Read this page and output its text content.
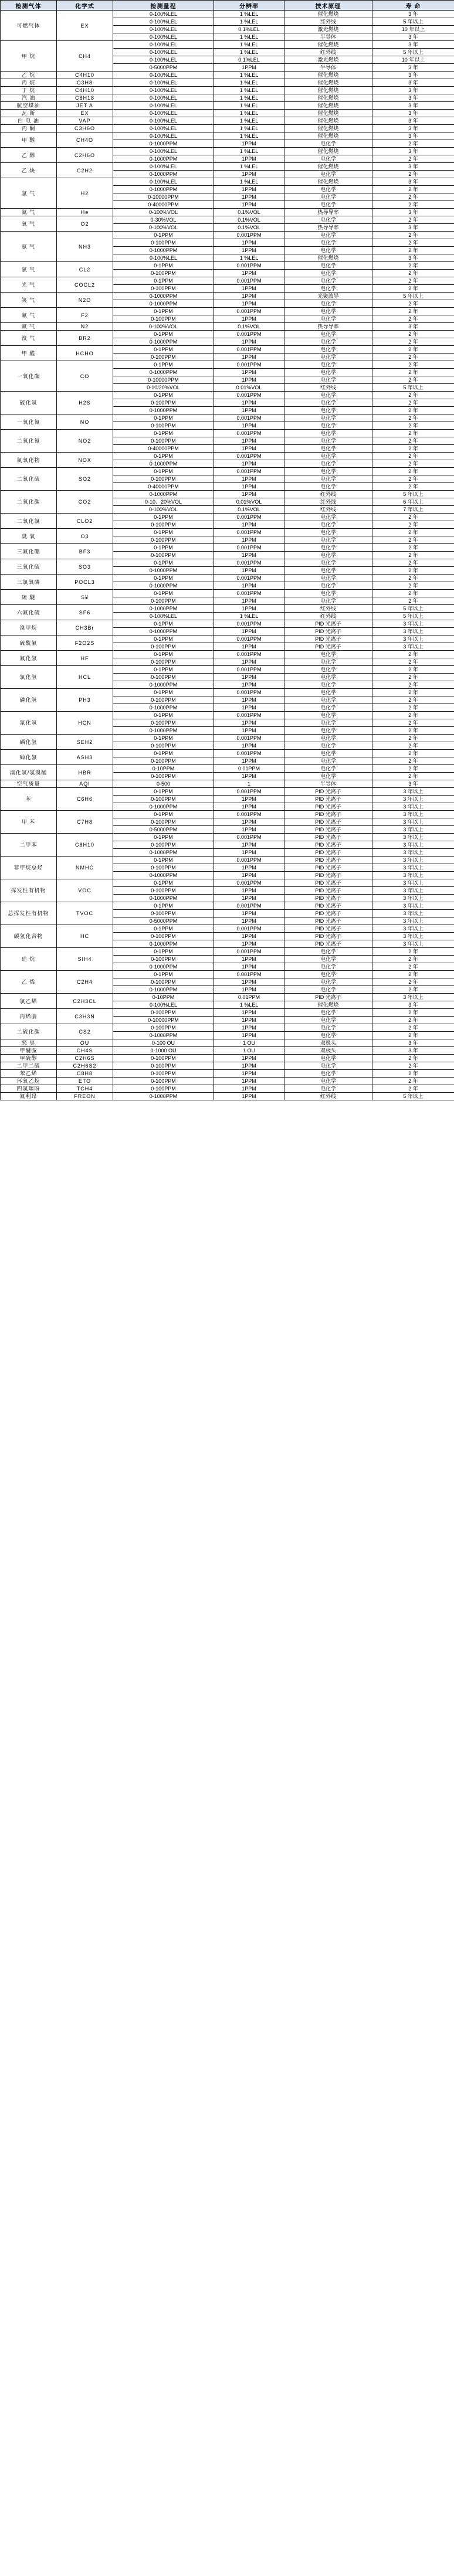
检测气体	化学式	检测量程	分辨率	技术原理	寿 命
可燃气体	EX	0-100%LEL	1 %LEL	催化燃烧	3 年
		0-100%LEL	1 %LEL	红外线	5 年以上
		0-100%LEL	0.1%LEL	激光燃烧	10 年以上
		0-100%LEL	1 %LEL	半导体	3 年
甲 烷	CH4	0-100%LEL	1 %LEL	催化燃烧	3 年
		0-100%LEL	1 %LEL	红外线	5 年以上
		0-100%LEL	0.1%LEL	激光燃烧	10 年以上
		0-5000PPM	1PPM	半导体	3 年
乙 烷	C4H10	0-100%LEL	1 %LEL	催化燃烧	3 年
丙 烷	C3H8	0-100%LEL	1 %LEL	催化燃烧	3 年
丁 烷	C4H10	0-100%LEL	1 %LEL	催化燃烧	3 年
汽 油	C8H18	0-100%LEL	1 %LEL	催化燃烧	3 年
航空煤油	JET A	0-100%LEL	1 %LEL	催化燃烧	3 年
瓦 斯	EX	0-100%LEL	1 %LEL	催化燃烧	3 年
白 电 油	VAP	0-100%LEL	1 %LEL	催化燃烧	3 年
丙 酮	C3H6O	0-100%LEL	1 %LEL	催化燃烧	3 年
甲 醇	CH4O	0-100%LEL	1 %LEL	催化燃烧	3 年
		0-1000PPM	1PPM	电化学	2 年
乙 醇	C2H6O	0-100%LEL	1 %LEL	催化燃烧	3 年
		0-1000PPM	1PPM	电化学	2 年
乙 炔	C2H2	0-100%LEL	1 %LEL	催化燃烧	3 年
		0-1000PPM	1PPM	电化学	2 年
氢 气	H2	0-100%LEL	1 %LEL	催化燃烧	3 年
		0-1000PPM	1PPM	电化学	2 年
		0-10000PPM	1PPM	电化学	2 年
		0-40000PPM	1PPM	电化学	2 年
氦 气	He	0-100%VOL	0.1%VOL	热导导率	3 年
氧 气	O2	0-30%VOL	0.1%VOL	电化学	2 年
		0-100%VOL	0.1%VOL	热导导率	3 年
氨 气	NH3	0-1PPM	0.001PPM	电化学	2 年
		0-100PPM	1PPM	电化学	2 年
		0-1000PPM	1PPM	电化学	2 年
		0-100%LEL	1 %LEL	催化燃烧	3 年
氯 气	CL2	0-1PPM	0.001PPM	电化学	2 年
		0-100PPM	1PPM	电化学	2 年
光 气	COCL2	0-1PPM	0.001PPM	电化学	2 年
		0-100PPM	1PPM	电化学	2 年
笑 气	N2O	0-1000PPM	1PPM	光聚波导	5 年以上
		0-1000PPM	1PPM	电化学	2 年
氟 气	F2	0-1PPM	0.001PPM	电化学	2 年
		0-100PPM	1PPM	电化学	2 年
氮 气	N2	0-100%VOL	0.1%VOL	热导导率	3 年
溴 气	BR2	0-1PPM	0.001PPM	电化学	2 年
		0-1000PPM	1PPM	电化学	2 年
甲 醛	HCHO	0-1PPM	0.001PPM	电化学	2 年
		0-100PPM	1PPM	电化学	2 年
一氧化碳	CO	0-1PPM	0.001PPM	电化学	2 年
		0-1000PPM	1PPM	电化学	2 年
		0-10000PPM	1PPM	电化学	2 年
		0-10/20%VOL	0.01%VOL	红外线	5 年以上
硫化氢	H2S	0-1PPM	0.001PPM	电化学	2 年
		0-100PPM	1PPM	电化学	2 年
		0-1000PPM	1PPM	电化学	2 年
一氧化氮	NO	0-1PPM	0.001PPM	电化学	2 年
		0-100PPM	1PPM	电化学	2 年
二氧化氮	NO2	0-1PPM	0.001PPM	电化学	2 年
		0-100PPM	1PPM	电化学	2 年
		0-40000PPM	1PPM	电化学	2 年
氮氧化物	NOX	0-1PPM	0.001PPM	电化学	2 年
		0-1000PPM	1PPM	电化学	2 年
二氧化硫	SO2	0-1PPM	0.001PPM	电化学	2 年
		0-100PPM	1PPM	电化学	2 年
		0-40000PPM	1PPM	电化学	2 年
二氧化碳	CO2	0-1000PPM	1PPM	红外线	5 年以上
		0-10、20%VOL	0.01%VOL	红外线	6 年以上
		0-100%VOL	0.1%VOL	红外线	7 年以上
二氧化氯	CLO2	0-1PPM	0.001PPM	电化学	2 年
		0-100PPM	1PPM	电化学	2 年
臭 氧	O3	0-1PPM	0.001PPM	电化学	2 年
		0-100PPM	1PPM	电化学	2 年
三氟化硼	BF3	0-1PPM	0.001PPM	电化学	2 年
		0-100PPM	1PPM	电化学	2 年
三氧化硫	SO3	0-1PPM	0.001PPM	电化学	2 年
		0-1000PPM	1PPM	电化学	2 年
三氯氧磷	POCL3	0-1PPM	0.001PPM	电化学	2 年
		0-1000PPM	1PPM	电化学	2 年
硫 醚	S¥	0-1PPM	0.001PPM	电化学	2 年
		0-100PPM	1PPM	电化学	2 年
六氟化硫	SF6	0-1000PPM	1PPM	红外线	5 年以上
		0-100%LEL	1 %LEL	红外线	5 年以上
溴甲烷	CH3Br	0-1PPM	0.001PPM	PID 光离子	3 年以上
		0-1000PPM	1PPM	PID 光离子	3 年以上
硫酰氟	F2O2S	0-1PPM	0.001PPM	PID 光离子	3 年以上
		0-100PPM	1PPM	PID 光离子	3 年以上
氟化氢	HF	0-1PPM	0.001PPM	电化学	2 年
		0-100PPM	1PPM	电化学	2 年
氯化氢	HCL	0-1PPM	0.001PPM	电化学	2 年
		0-100PPM	1PPM	电化学	2 年
		0-1000PPM	1PPM	电化学	2 年
磷化氢	PH3	0-1PPM	0.001PPM	电化学	2 年
		0-100PPM	1PPM	电化学	2 年
		0-1000PPM	1PPM	电化学	2 年
氰化氢	HCN	0-1PPM	0.001PPM	电化学	2 年
		0-100PPM	1PPM	电化学	2 年
		0-1000PPM	1PPM	电化学	2 年
硒化氢	SEH2	0-1PPM	0.001PPM	电化学	2 年
		0-100PPM	1PPM	电化学	2 年
砷化氢	ASH3	0-1PPM	0.001PPM	电化学	2 年
		0-100PPM	1PPM	电化学	2 年
溴化氢/氢溴酸	HBR	0-10PPM	0.01PPM	电化学	2 年
		0-100PPM	1PPM	电化学	2 年
空气质量	AQI	0-500	1	半导体	3 年
苯	C6H6	0-1PPM	0.001PPM	PID 光离子	3 年以上
		0-100PPM	1PPM	PID 光离子	3 年以上
		0-1000PPM	1PPM	PID 光离子	3 年以上
甲 苯	C7H8	0-1PPM	0.001PPM	PID 光离子	3 年以上
		0-100PPM	1PPM	PID 光离子	3 年以上
		0-5000PPM	1PPM	PID 光离子	3 年以上
二甲苯	C8H10	0-1PPM	0.001PPM	PID 光离子	3 年以上
		0-100PPM	1PPM	PID 光离子	3 年以上
		0-1000PPM	1PPM	PID 光离子	3 年以上
非甲烷总烃	NMHC	0-1PPM	0.001PPM	PID 光离子	3 年以上
		0-100PPM	1PPM	PID 光离子	3 年以上
		0-1000PPM	1PPM	PID 光离子	3 年以上
挥发性有机物	VOC	0-1PPM	0.001PPM	PID 光离子	3 年以上
		0-100PPM	1PPM	PID 光离子	3 年以上
		0-1000PPM	1PPM	PID 光离子	3 年以上
总挥发性有机物	TVOC	0-1PPM	0.001PPM	PID 光离子	3 年以上
		0-100PPM	1PPM	PID 光离子	3 年以上
		0-5000PPM	1PPM	PID 光离子	3 年以上
碳氢化合物	HC	0-1PPM	0.001PPM	PID 光离子	3 年以上
		0-100PPM	1PPM	PID 光离子	3 年以上
		0-1000PPM	1PPM	PID 光离子	3 年以上
硅 烷	SIH4	0-1PPM	0.001PPM	电化学	2 年
		0-100PPM	1PPM	电化学	2 年
		0-1000PPM	1PPM	电化学	2 年
乙 烯	C2H4	0-1PPM	0.001PPM	电化学	2 年
		0-100PPM	1PPM	电化学	2 年
		0-1000PPM	1PPM	电化学	2 年
氯乙烯	C2H3CL	0-10PPM	0.01PPM	PID 光离子	3 年以上
		0-100%LEL	1 %LEL	催化燃烧	3 年
丙烯腈	C3H3N	0-100PPM	1PPM	电化学	2 年
		0-10000PPM	1PPM	电化学	2 年
二硫化碳	CS2	0-100PPM	1PPM	电化学	2 年
		0-1000PPM	1PPM	电化学	2 年
恶 臭	OU	0-100 OU	1 OU	双极头	3 年
甲醚胺	CH4S	0-1000 OU	1 OU	双极头	3 年
甲硫醇	C2H6S	0-100PPM	1PPM	电化学	2 年
二甲二硫	C2H6S2	0-100PPM	1PPM	电化学	2 年
苯乙烯	C8H8	0-100PPM	1PPM	电化学	2 年
环氧乙烷	ETO	0-100PPM	1PPM	电化学	2 年
四氢噻吩	TCH4	0-100PPM	1PPM	电化学	2 年
氟利昂	FREON	0-1000PPM	1PPM	红外线	5 年以上
